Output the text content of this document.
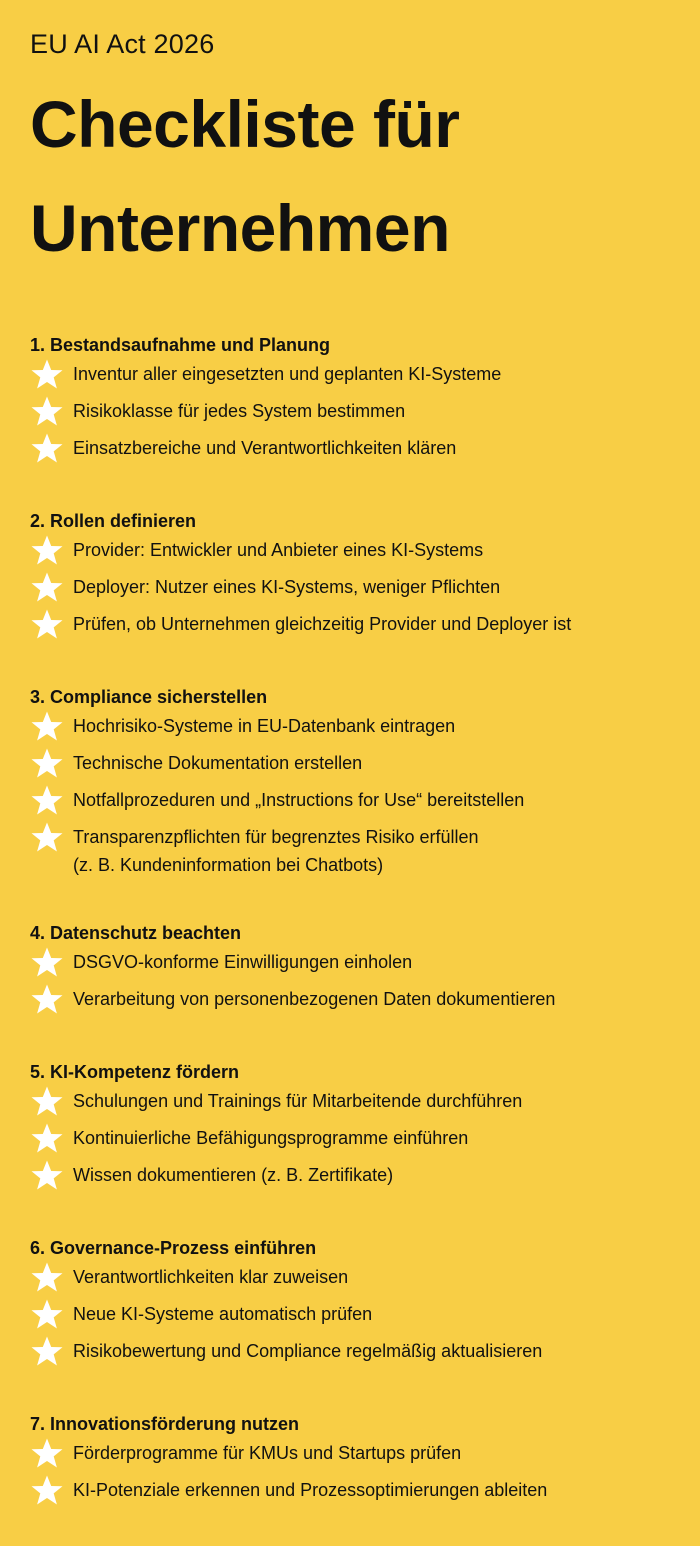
EU AI Act 2026

Checkliste für
Unternehmen
1. Bestandsaufnahme und Planung
Inventur aller eingesetzten und geplanten KI-Systeme
Risikoklasse für jedes System bestimmen
Einsatzbereiche und Verantwortlichkeiten klären
2. Rollen definieren
Provider: Entwickler und Anbieter eines KI-Systems
Deployer: Nutzer eines KI-Systems, weniger Pflichten
Prüfen, ob Unternehmen gleichzeitig Provider und Deployer ist
3. Compliance sicherstellen
Hochrisiko-Systeme in EU-Datenbank eintragen
Technische Dokumentation erstellen
Notfallprozeduren und „Instructions for Use“ bereitstellen
Transparenzpflichten für begrenztes Risiko erfüllen
(z. B. Kundeninformation bei Chatbots)
4. Datenschutz beachten
DSGVO-konforme Einwilligungen einholen
Verarbeitung von personenbezogenen Daten dokumentieren
5. KI-Kompetenz fördern
Schulungen und Trainings für Mitarbeitende durchführen
Kontinuierliche Befähigungsprogramme einführen
Wissen dokumentieren (z. B. Zertifikate)
6. Governance-Prozess einführen
Verantwortlichkeiten klar zuweisen
Neue KI-Systeme automatisch prüfen
Risikobewertung und Compliance regelmäßig aktualisieren
7. Innovationsförderung nutzen
Förderprogramme für KMUs und Startups prüfen
KI-Potenziale erkennen und Prozessoptimierungen ableiten
